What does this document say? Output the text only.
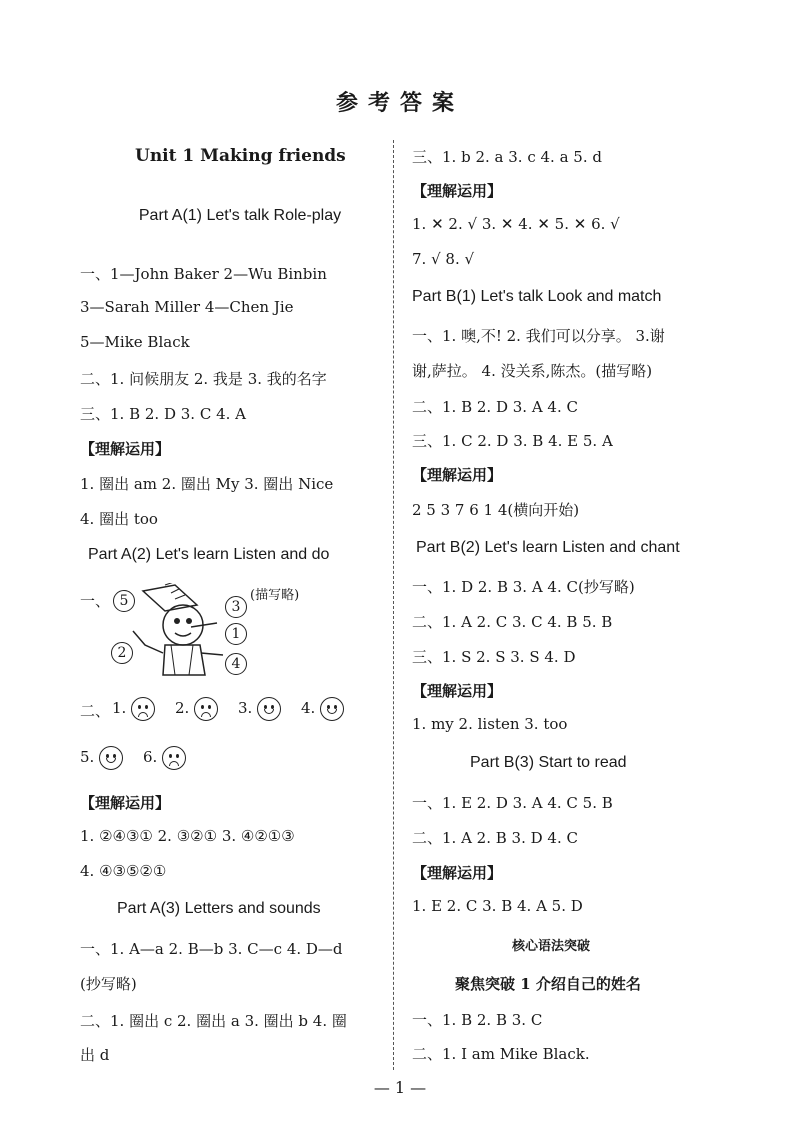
参考答案
Unit 1 Making friends
Part A(1) Let's talk Role-play
一、1—John Baker 2—Wu Binbin
3—Sarah Miller 4—Chen Jie
5—Mike Black
二、1. 问候朋友 2. 我是 3. 我的名字
三、1. B 2. D 3. C 4. A
【理解运用】
1. 圈出 am 2. 圈出 My 3. 圈出 Nice
4. 圈出 too
Part A(2) Let's learn Listen and do
一、	(描写略)
5	3
1
2
4
二、 1.	2.	3.	4.
5.	6.
【理解运用】
1. ②④③① 2. ③②① 3. ④②①③
4. ④③⑤②①
Part A(3) Letters and sounds
一、1. A—a 2. B—b 3. C—c 4. D—d
(抄写略)
二、1. 圈出 c 2. 圈出 a 3. 圈出 b 4. 圈
出 d
三、1. b 2. a 3. c 4. a 5. d
【理解运用】
1. ✕ 2. √ 3. ✕ 4. ✕ 5. ✕ 6. √
7. √ 8. √
Part B(1) Let's talk Look and match
一、1. 噢,不! 2. 我们可以分享。 3.谢
谢,萨拉。 4. 没关系,陈杰。(描写略)
二、1. B 2. D 3. A 4. C
三、1. C 2. D 3. B 4. E 5. A
【理解运用】
2 5 3 7 6 1 4(横向开始)
Part B(2) Let's learn Listen and chant
一、1. D 2. B 3. A 4. C(抄写略)
二、1. A 2. C 3. C 4. B 5. B
三、1. S 2. S 3. S 4. D
【理解运用】
1. my 2. listen 3. too
Part B(3) Start to read
一、1. E 2. D 3. A 4. C 5. B
二、1. A 2. B 3. D 4. C
【理解运用】
1. E 2. C 3. B 4. A 5. D
核心语法突破
聚焦突破 1 介绍自己的姓名
一、1. B 2. B 3. C
二、1. I am Mike Black.
— 1 —
